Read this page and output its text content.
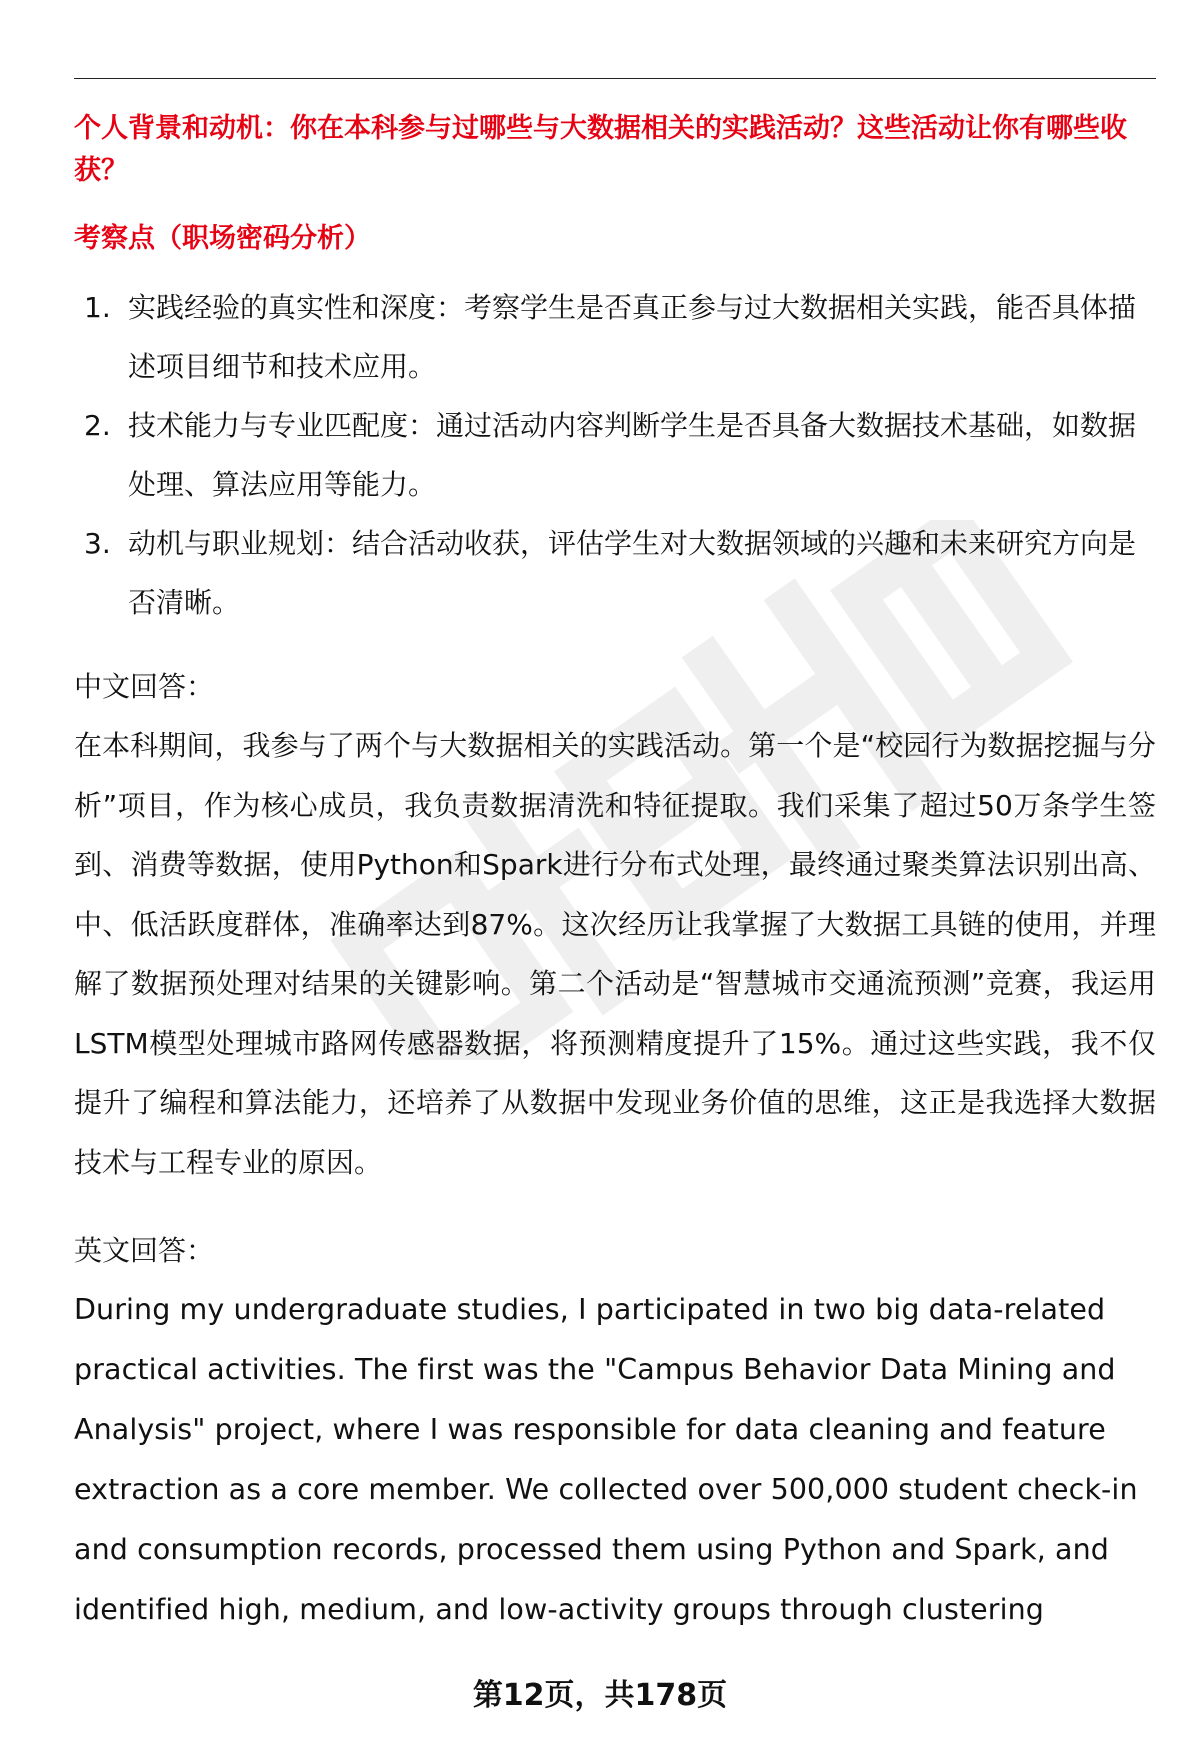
个人背景和动机：你在本科参与过哪些与大数据相关的实践活动？这些活动让你有哪些收获？

考察点（职场密码分析）

1. 实践经验的真实性和深度：考察学生是否真正参与过大数据相关实践，能否具体描述项目细节和技术应用。
2. 技术能力与专业匹配度：通过活动内容判断学生是否具备大数据技术基础，如数据处理、算法应用等能力。
3. 动机与职业规划：结合活动收获，评估学生对大数据领域的兴趣和未来研究方向是否清晰。

中文回答：

在本科期间，我参与了两个与大数据相关的实践活动。第一个是“校园行为数据挖掘与分析”项目，作为核心成员，我负责数据清洗和特征提取。我们采集了超过50万条学生签到、消费等数据，使用Python和Spark进行分布式处理，最终通过聚类算法识别出高、中、低活跃度群体，准确率达到87%。这次经历让我掌握了大数据工具链的使用，并理解了数据预处理对结果的关键影响。第二个活动是“智慧城市交通流预测”竞赛，我运用LSTM模型处理城市路网传感器数据，将预测精度提升了15%。通过这些实践，我不仅提升了编程和算法能力，还培养了从数据中发现业务价值的思维，这正是我选择大数据技术与工程专业的原因。

英文回答：

During my undergraduate studies, I participated in two big data-related practical activities. The first was the "Campus Behavior Data Mining and Analysis" project, where I was responsible for data cleaning and feature extraction as a core member. We collected over 500,000 student check-in and consumption records, processed them using Python and Spark, and identified high, medium, and low-activity groups through clustering

第12页，共178页
